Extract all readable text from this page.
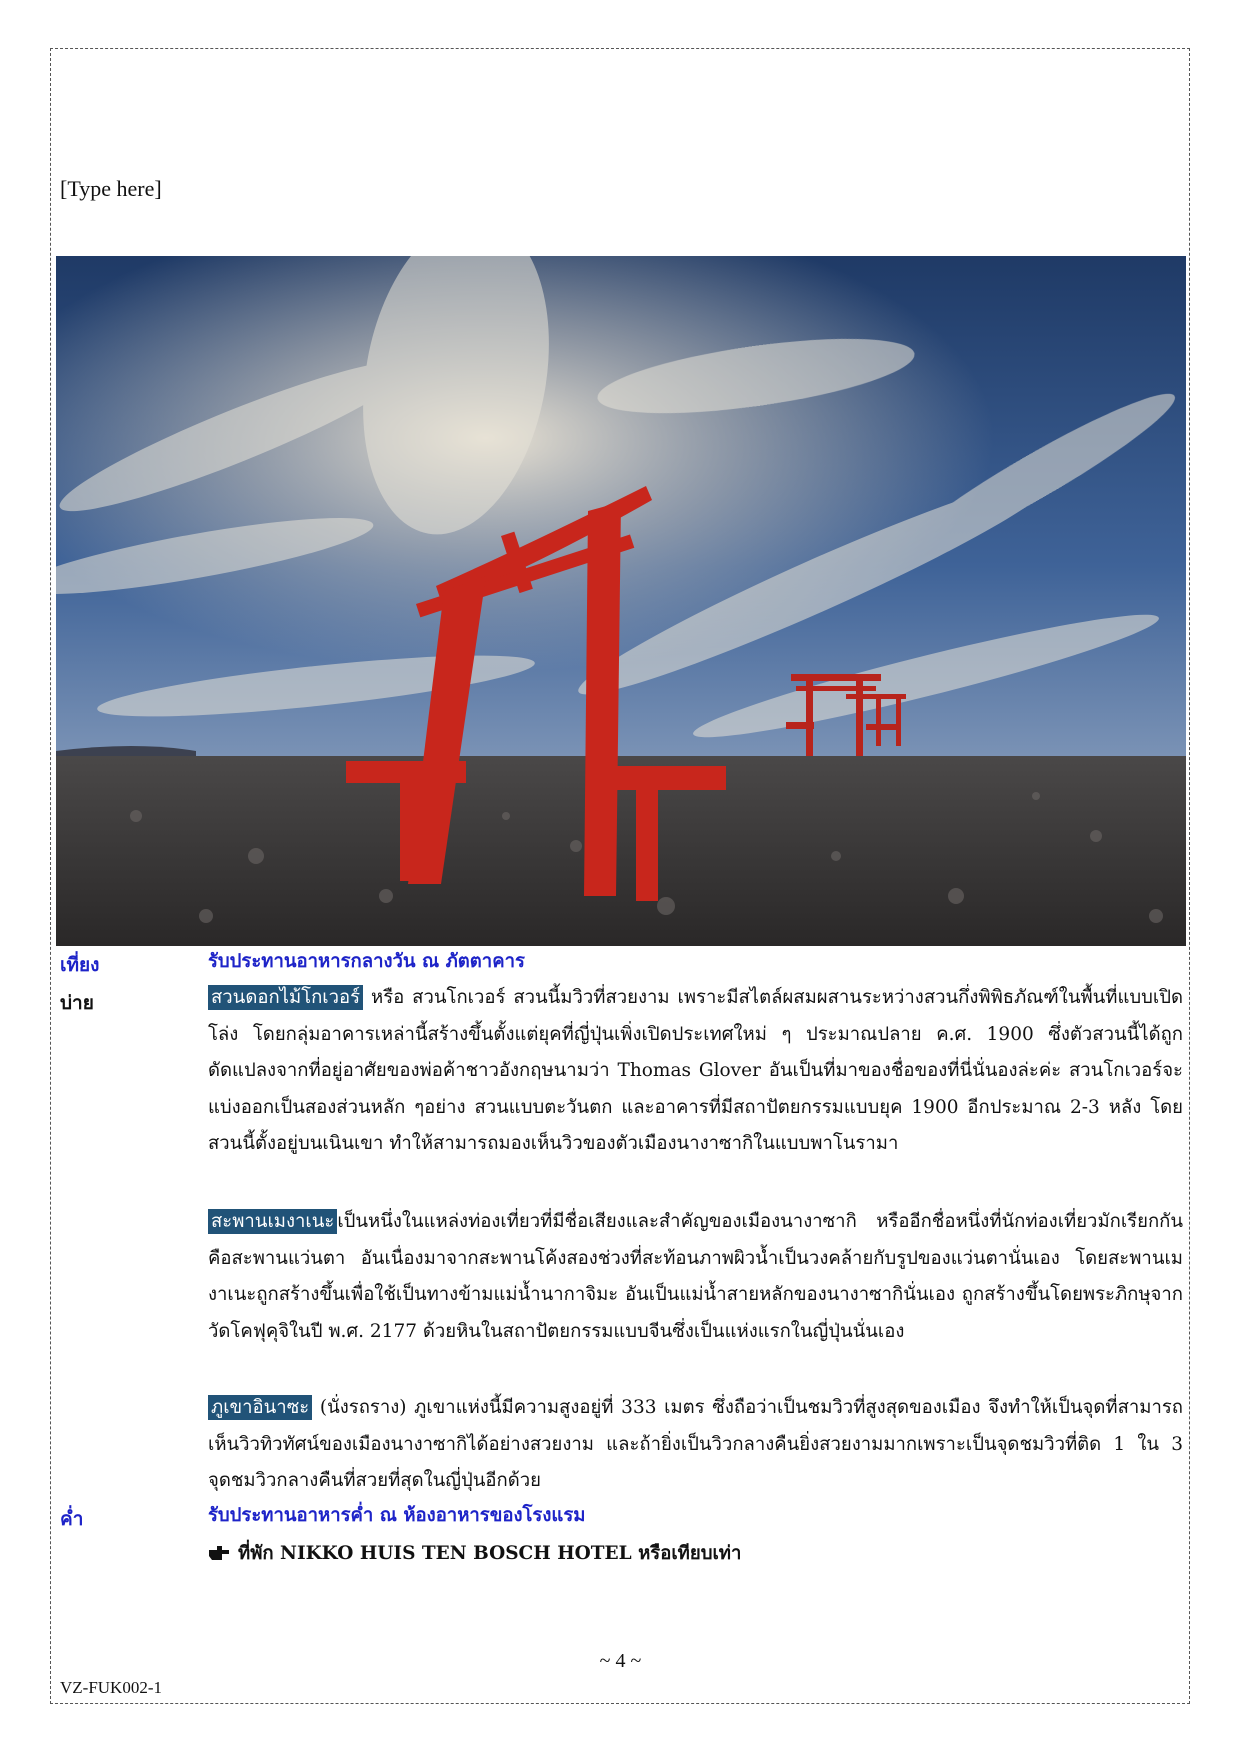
[Type here]
เที่ยง	รับประทานอาหารกลางวัน ณ ภัตตาคาร
บ่าย	สวนดอกไม้โกเวอร์ หรือ สวนโกเวอร์ สวนนี้มวิวที่สวยงาม เพราะมีสไตล์ผสมผสานระหว่างสวนกึ่งพิพิธภัณฑ์ในพื้นที่แบบเปิดโล่ง โดยกลุ่มอาคารเหล่านี้สร้างขึ้นตั้งแต่ยุคที่ญี่ปุ่นเพิ่งเปิดประเทศใหม่ ๆ ประมาณปลาย ค.ศ. 1900 ซึ่งตัวสวนนี้ได้ถูกดัดแปลงจากที่อยู่อาศัยของพ่อค้าชาวอังกฤษนามว่า Thomas Glover อันเป็นที่มาของชื่อของที่นี่นั่นองล่ะค่ะ สวนโกเวอร์จะแบ่งออกเป็นสองส่วนหลัก ๆอย่าง สวนแบบตะวันตก และอาคารที่มีสถาปัตยกรรมแบบยุค 1900 อีกประมาณ 2-3 หลัง โดยสวนนี้ตั้งอยู่บนเนินเขา ทำให้สามารถมองเห็นวิวของตัวเมืองนางาซากิในแบบพาโนรามา
สะพานเมงาเนะ เป็นหนึ่งในแหล่งท่องเที่ยวที่มีชื่อเสียงและสำคัญของเมืองนางาซากิ หรืออีกชื่อหนึ่งที่นักท่องเที่ยวมักเรียกกันคือสะพานแว่นตา อันเนื่องมาจากสะพานโค้งสองช่วงที่สะท้อนภาพผิวน้ำเป็นวงคล้ายกับรูปของแว่นตานั่นเอง โดยสะพานเมงาเนะถูกสร้างขึ้นเพื่อใช้เป็นทางข้ามแม่น้ำนากาจิมะ อันเป็นแม่น้ำสายหลักของนางาซากินั่นเอง ถูกสร้างขึ้นโดยพระภิกษุจากวัดโคฟุคุจิในปี พ.ศ. 2177 ด้วยหินในสถาปัตยกรรมแบบจีนซึ่งเป็นแห่งแรกในญี่ปุ่นนั่นเอง
ภูเขาอินาซะ (นั่งรถราง) ภูเขาแห่งนี้มีความสูงอยู่ที่ 333 เมตร ซึ่งถือว่าเป็นชมวิวที่สูงสุดของเมือง จึงทำให้เป็นจุดที่สามารถเห็นวิวทิวทัศน์ของเมืองนางาซากิได้อย่างสวยงาม และถ้ายิ่งเป็นวิวกลางคืนยิ่งสวยงามมากเพราะเป็นจุดชมวิวที่ติด 1 ใน 3 จุดชมวิวกลางคืนที่สวยที่สุดในญี่ปุ่นอีกด้วย
ค่ำ	รับประทานอาหารค่ำ ณ ห้องอาหารของโรงแรม
ที่พัก NIKKO HUIS TEN BOSCH HOTEL หรือเทียบเท่า
~ 4 ~
VZ-FUK002-1
